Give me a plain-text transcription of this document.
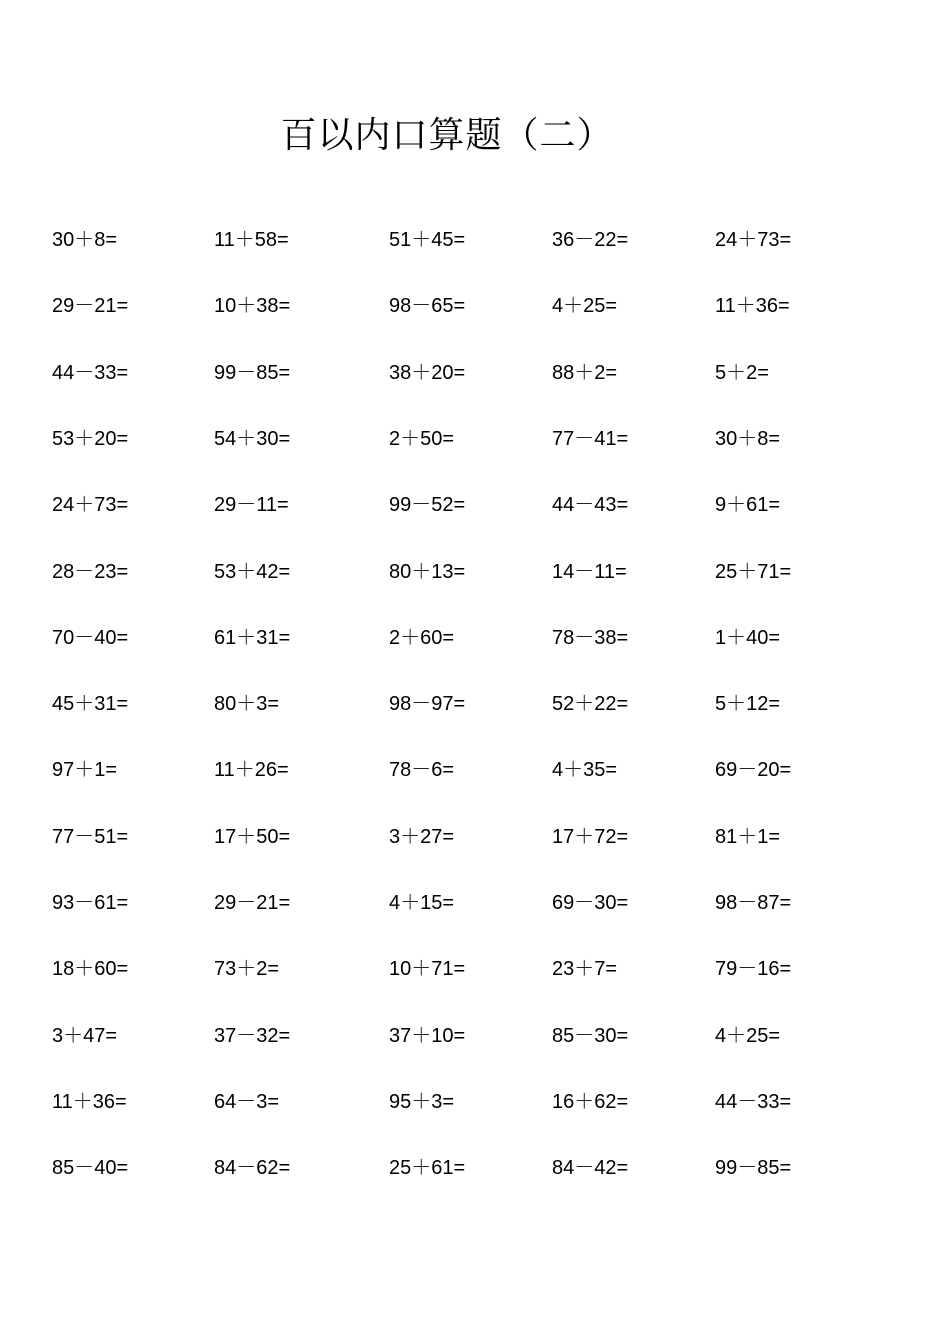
百以内口算题（二）
30＋8=	11＋58=	51＋45=	36－22=	24＋73=
29－21=	10＋38=	98－65=	4＋25=	11＋36=
44－33=	99－85=	38＋20=	88＋2=	5＋2=
53＋20=	54＋30=	2＋50=	77－41=	30＋8=
24＋73=	29－11=	99－52=	44－43=	9＋61=
28－23=	53＋42=	80＋13=	14－11=	25＋71=
70－40=	61＋31=	2＋60=	78－38=	1＋40=
45＋31=	80＋3=	98－97=	52＋22=	5＋12=
97＋1=	11＋26=	78－6=	4＋35=	69－20=
77－51=	17＋50=	3＋27=	17＋72=	81＋1=
93－61=	29－21=	4＋15=	69－30=	98－87=
18＋60=	73＋2=	10＋71=	23＋7=	79－16=
3＋47=	37－32=	37＋10=	85－30=	4＋25=
11＋36=	64－3=	95＋3=	16＋62=	44－33=
85－40=	84－62=	25＋61=	84－42=	99－85=
